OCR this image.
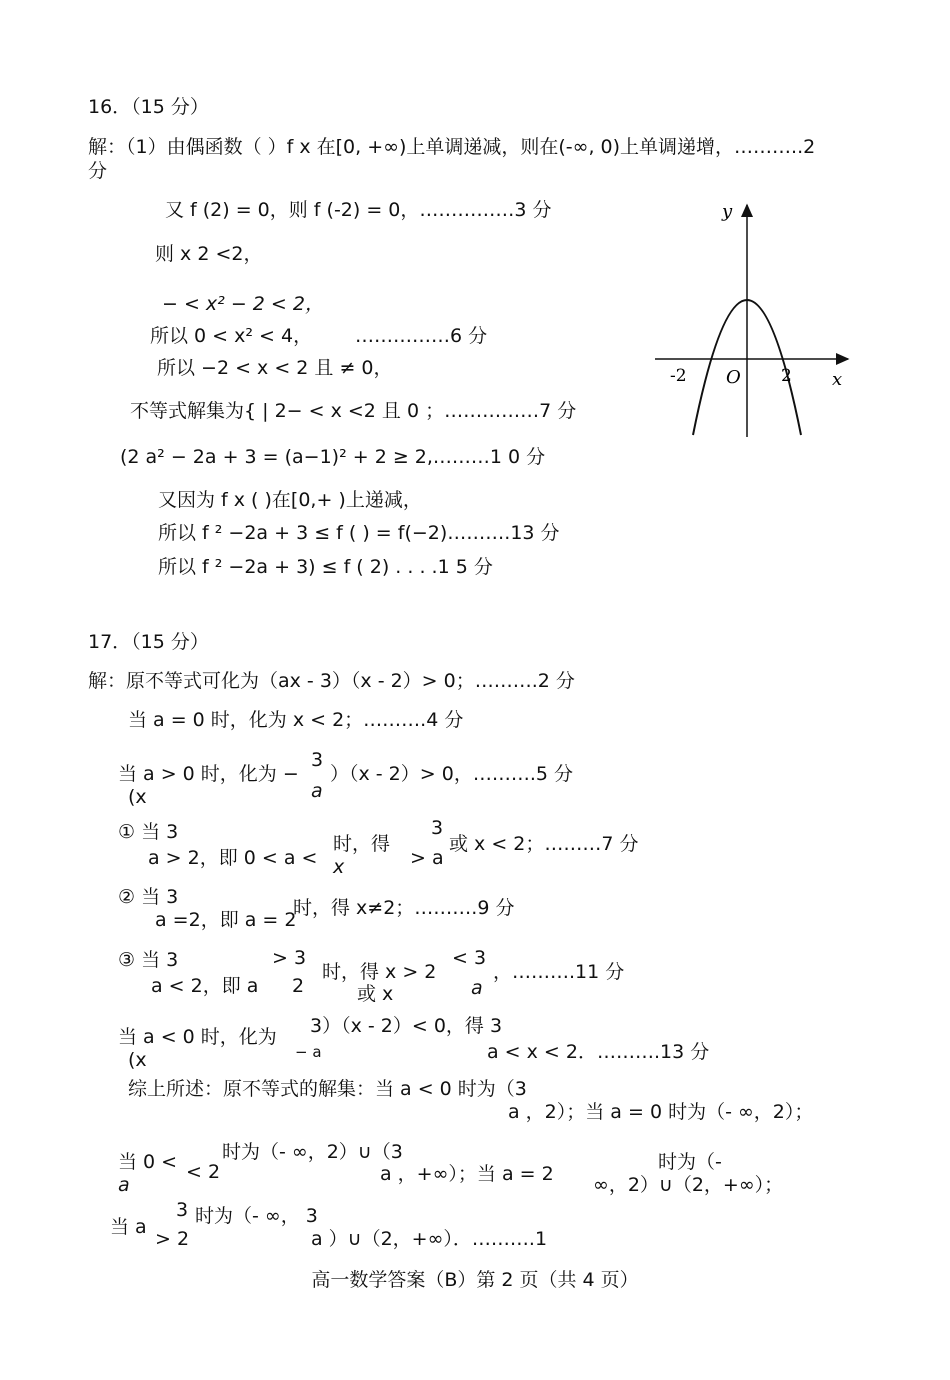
16．（15 分）
解：（1）由偶函数（ ）f x 在[0, +∞)上单调递减，则在(-∞, 0)上单调递增，………..2
分
又 f (2) = 0，则 f (-2) = 0，……………3 分
则 x 2 <2，
− < x² − 2 < 2，
所以 0 < x² < 4， ……………6 分
所以 −2 < x < 2 且 ≠ 0，
不等式解集为{ | 2− < x <2 且 0 ；……………7 分
(2 a² − 2a + 3 = (a−1)² + 2 ≥ 2,………1 0 分
又因为 f x ( )在[0,+ )上递减，
所以 f ² −2a + 3 ≤ f ( ) = f(−2)……….13 分
所以 f ² −2a + 3) ≤ f ( 2) . . . .1 5 分
y
x
O
-2	2
17．（15 分）
解：原不等式可化为（ax - 3）（x - 2）> 0；……….2 分
当 a = 0 时，化为 x < 2；……….4 分
当 a > 0 时，化为 −
3
a
）（x - 2）> 0，……….5 分
(x
① 当 3
a > 2，即 0 < a <
时，得
x
3
> a
或 x < 2；………7 分
② 当 3
a =2，即 a = 2
时，得 x≠2；……….9 分
③ 当 3
a < 2，即 a
> 3
2
时，得 x > 2
或 x
< 3
a
，……….11 分
当 a < 0 时，化为 3）（x - 2）< 0，得 3
− a	a < x < 2．……….13 分
(x
综上所述：原不等式的解集：当 a < 0 时为（3
a ，2）；当 a = 0 时为（- ∞，2）；
当 0 <
a
< 2
时为（- ∞，2）∪（3
a ，+∞）；当 a = 2
时为（-
∞，2）∪（2，+∞）；
当 a
> 2
3 时为（- ∞， 3
a ）∪（2，+∞）．……….1
高一数学答案（B）第 2 页（共 4 页）
